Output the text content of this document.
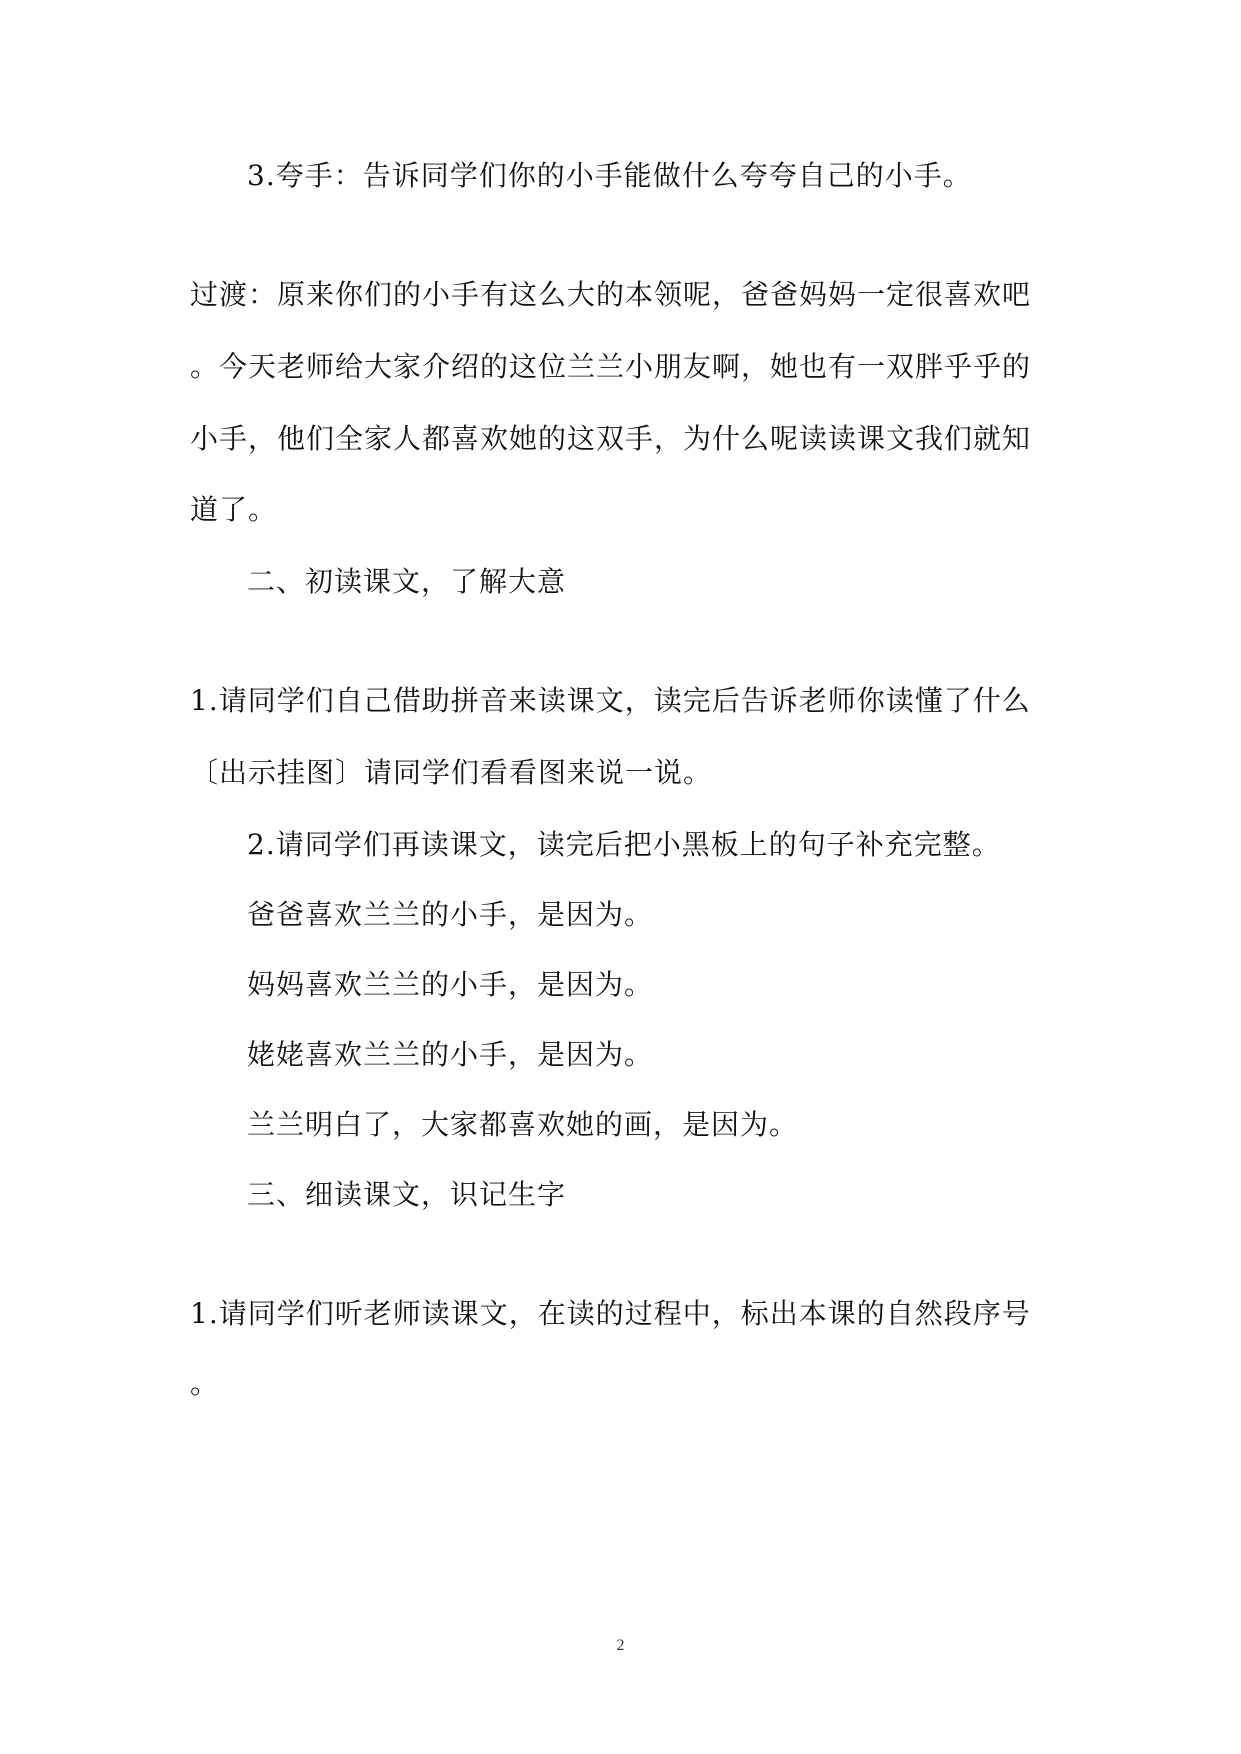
3.夸手：告诉同学们你的小手能做什么夸夸自己的小手。
过渡：原来你们的小手有这么大的本领呢，爸爸妈妈一定很喜欢吧
。今天老师给大家介绍的这位兰兰小朋友啊，她也有一双胖乎乎的
小手，他们全家人都喜欢她的这双手，为什么呢读读课文我们就知
道了。
二、初读课文，了解大意
1.请同学们自己借助拼音来读课文，读完后告诉老师你读懂了什么
〔出示挂图〕请同学们看看图来说一说。
2.请同学们再读课文，读完后把小黑板上的句子补充完整。
爸爸喜欢兰兰的小手，是因为。
妈妈喜欢兰兰的小手，是因为。
姥姥喜欢兰兰的小手，是因为。
兰兰明白了，大家都喜欢她的画，是因为。
三、细读课文，识记生字
1.请同学们听老师读课文，在读的过程中，标出本课的自然段序号
。
2
